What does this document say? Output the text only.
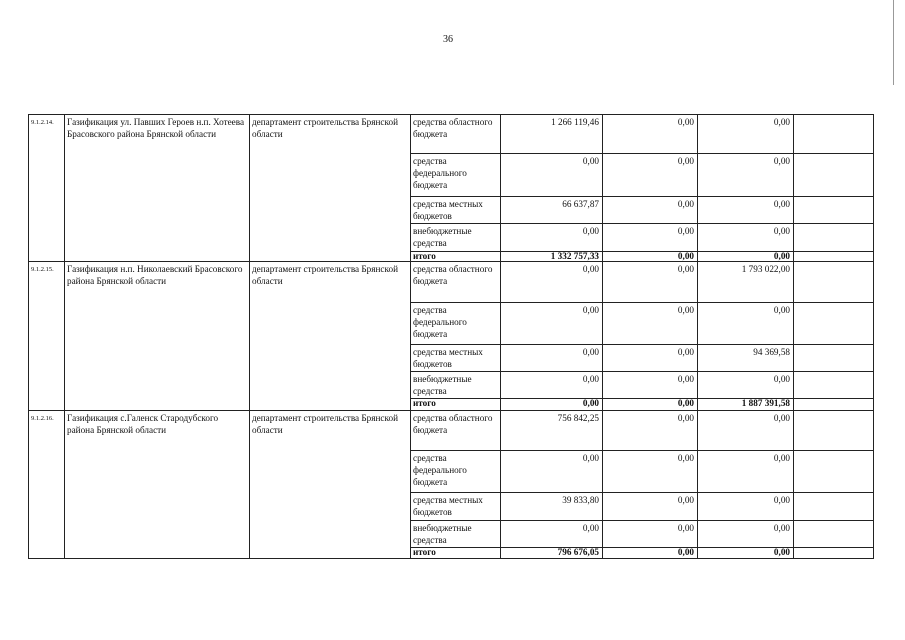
36
9.1.2.14.	Газификация ул. Павших Героев н.п. Хотеева Брасовского района Брянской области	департамент строительства Брянской области	средства областного бюджета	1 266 119,46	0,00	0,00	
			средства федерального бюджета	0,00	0,00	0,00	
			средства местных бюджетов	66 637,87	0,00	0,00	
			внебюджетные средства	0,00	0,00	0,00	
			итого	1 332 757,33	0,00	0,00	
9.1.2.15.	Газификация н.п. Николаевский Брасовского района Брянской области	департамент строительства Брянской области	средства областного бюджета	0,00	0,00	1 793 022,00	
			средства федерального бюджета	0,00	0,00	0,00	
			средства местных бюджетов	0,00	0,00	94 369,58	
			внебюджетные средства	0,00	0,00	0,00	
			итого	0,00	0,00	1 887 391,58	
9.1.2.16.	Газификация с.Галенск Стародубского района Брянской области	департамент строительства Брянской области	средства областного бюджета	756 842,25	0,00	0,00	
			средства федерального бюджета	0,00	0,00	0,00	
			средства местных бюджетов	39 833,80	0,00	0,00	
			внебюджетные средства	0,00	0,00	0,00	
			итого	796 676,05	0,00	0,00	
